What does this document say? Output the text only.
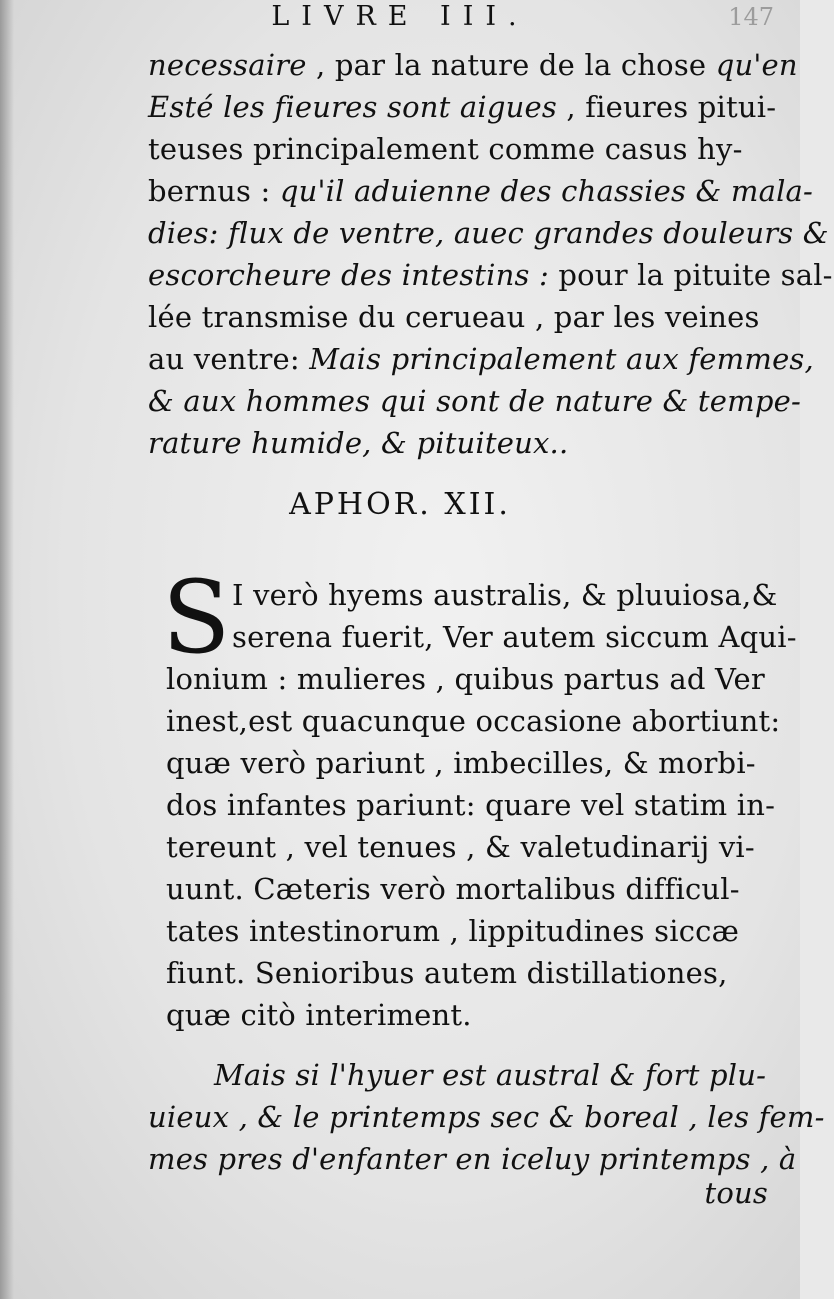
LIVRE III.	147
necessaire , par la nature de la chose qu'en
Esté les fieures sont aigues , fieures pitui-
teuses principalement comme casus hy-
bernus : qu'il aduienne des chassies & mala-
dies: flux de ventre, auec grandes douleurs &
escorcheure des intestins : pour la pituite sal-
lée transmise du cerueau , par les veines
au ventre: Mais principalement aux femmes,
& aux hommes qui sont de nature & tempe-
rature humide, & pituiteux..
APHOR. XII.
S I verò hyems australis, & pluuiosa,&
serena fuerit, Ver autem siccum Aqui-
lonium : mulieres , quibus partus ad Ver
inest,est quacunque occasione abortiunt:
quæ verò pariunt , imbecilles, & morbi-
dos infantes pariunt: quare vel statim in-
tereunt , vel tenues , & valetudinarij vi-
uunt. Cæteris verò mortalibus difficul-
tates intestinorum , lippitudines siccæ
fiunt. Senioribus autem distillationes,
quæ citò interiment.
Mais si l'hyuer est austral & fort plu-
uieux , & le printemps sec & boreal , les fem-
mes pres d'enfanter en iceluy printemps , à
tous
